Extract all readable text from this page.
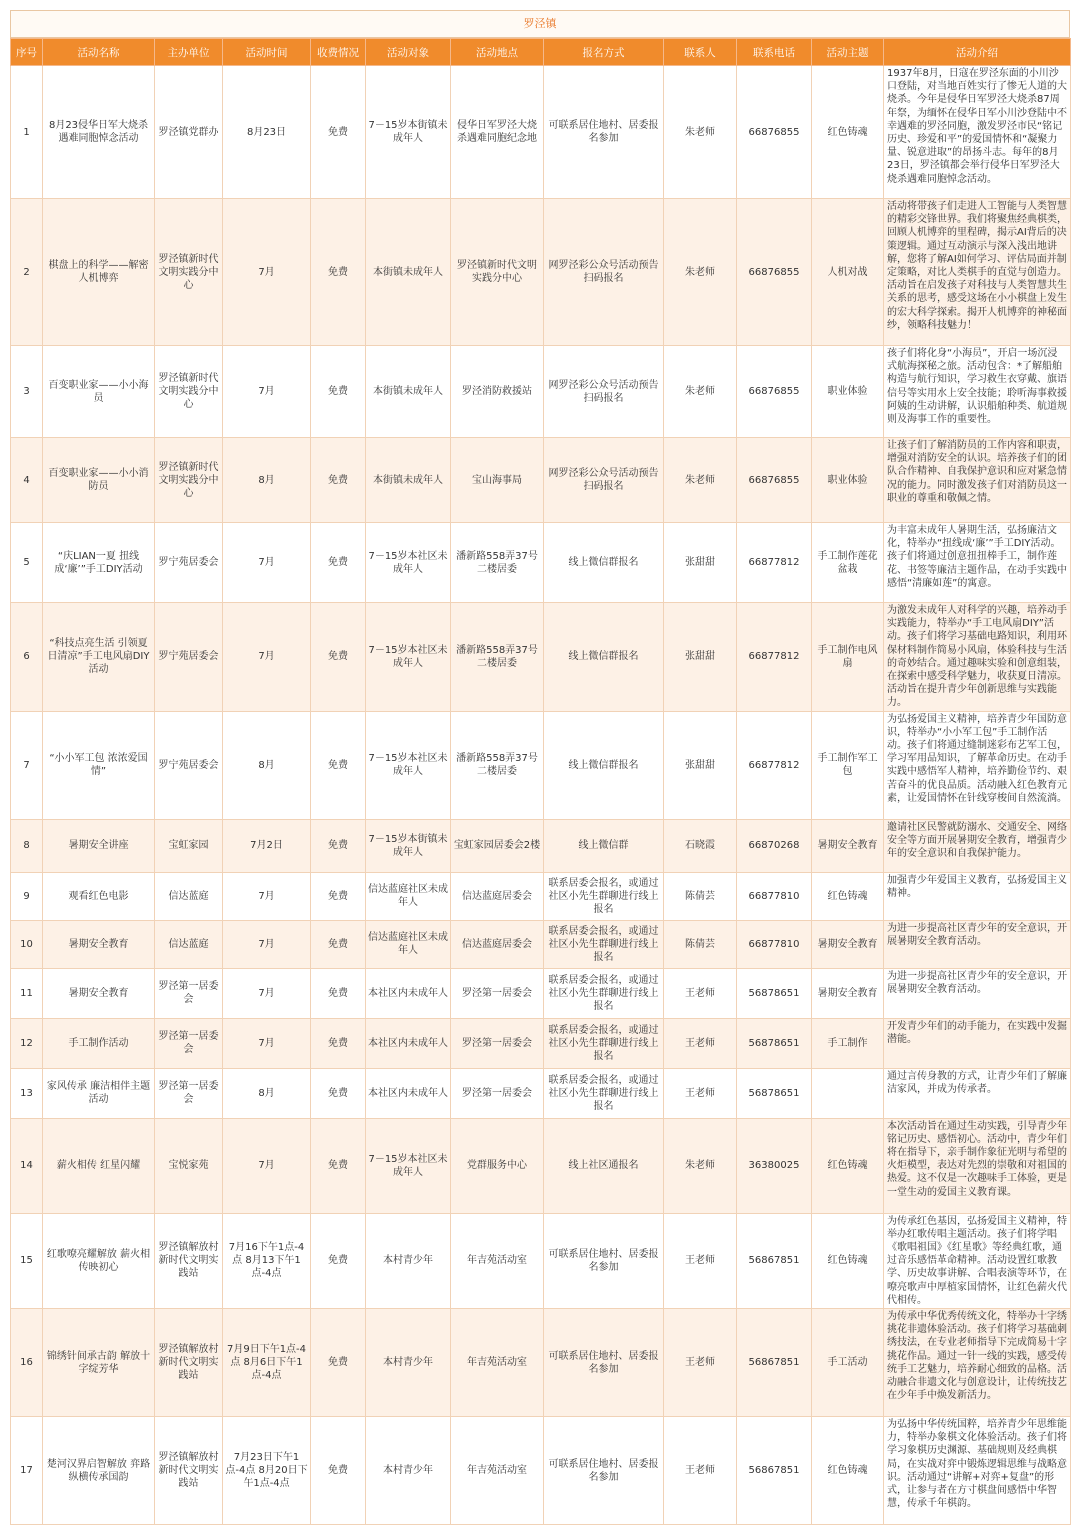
罗泾镇
序号	活动名称	主办单位	活动时间	收费情况	活动对象	活动地点	报名方式	联系人	联系电话	活动主题	活动介绍
1	8月23侵华日军大烧杀遇难同胞悼念活动	罗泾镇党群办	8月23日	免费	7－15岁本街镇未成年人	侵华日军罗泾大烧杀遇难同胞纪念地	可联系居住地村、居委报名参加	朱老师	66876855	红色铸魂	1937年8月，日寇在罗泾东面的小川沙口登陆，对当地百姓实行了惨无人道的大烧杀。今年是侵华日军罗泾大烧杀87周年祭，为缅怀在侵华日军小川沙登陆中不幸遇难的罗泾同胞，激发罗泾市民“铭记历史、珍爱和平”的爱国情怀和“凝聚力量、锐意进取”的昂扬斗志。每年的8月23日，罗泾镇都会举行侵华日军罗泾大烧杀遇难同胞悼念活动。
2	棋盘上的科学——解密人机博弈	罗泾镇新时代文明实践分中心	7月	免费	本街镇未成年人	罗泾镇新时代文明实践分中心	网罗泾彩公众号活动预告扫码报名	朱老师	66876855	人机对战	活动将带孩子们走进人工智能与人类智慧的精彩交锋世界。我们将聚焦经典棋类，回顾人机博弈的里程碑，揭示AI背后的决策逻辑。通过互动演示与深入浅出地讲解，您将了解AI如何学习、评估局面并制定策略，对比人类棋手的直觉与创造力。活动旨在启发孩子对科技与人类智慧共生关系的思考，感受这场在小小棋盘上发生的宏大科学探索。揭开人机博弈的神秘面纱，领略科技魅力！
3	百变职业家——小小海员	罗泾镇新时代文明实践分中心	7月	免费	本街镇未成年人	罗泾消防救援站	网罗泾彩公众号活动预告扫码报名	朱老师	66876855	职业体验	孩子们将化身“小海员”，开启一场沉浸式航海探秘之旅。活动包含：*了解船舶构造与航行知识，学习救生衣穿戴、旗语信号等实用水上安全技能；聆听海事救援阿姨的生动讲解，认识船舶种类、航道规则及海事工作的重要性。
4	百变职业家——小小消防员	罗泾镇新时代文明实践分中心	8月	免费	本街镇未成年人	宝山海事局	网罗泾彩公众号活动预告扫码报名	朱老师	66876855	职业体验	让孩子们了解消防员的工作内容和职责，增强对消防安全的认识。培养孩子们的团队合作精神、自我保护意识和应对紧急情况的能力。同时激发孩子们对消防员这一职业的尊重和敬佩之情。
5	“庆LIAN一夏 扭线成‘廉’”手工DIY活动	罗宁苑居委会	7月	免费	7－15岁本社区未成年人	潘新路558弄37号二楼居委	线上微信群报名	张甜甜	66877812	手工制作莲花盆栽	为丰富未成年人暑期生活，弘扬廉洁文化，特举办“扭线成‘廉’”手工DIY活动。孩子们将通过创意扭扭棒手工，制作莲花、书签等廉洁主题作品，在动手实践中感悟“清廉如莲”的寓意。
6	“科技点亮生活 引领夏日清凉”手工电风扇DIY活动	罗宁苑居委会	7月	免费	7－15岁本社区未成年人	潘新路558弄37号二楼居委	线上微信群报名	张甜甜	66877812	手工制作电风扇	为激发未成年人对科学的兴趣，培养动手实践能力，特举办“手工电风扇DIY”活动。孩子们将学习基础电路知识，利用环保材料制作简易小风扇，体验科技与生活的奇妙结合。通过趣味实验和创意组装，在探索中感受科学魅力，收获夏日清凉。活动旨在提升青少年创新思维与实践能力。
7	“小小军工包 浓浓爱国情”	罗宁苑居委会	8月	免费	7－15岁本社区未成年人	潘新路558弄37号二楼居委	线上微信群报名	张甜甜	66877812	手工制作军工包	为弘扬爱国主义精神，培养青少年国防意识，特举办“小小军工包”手工制作活动。孩子们将通过缝制迷彩布艺军工包，学习军用品知识，了解革命历史。在动手实践中感悟军人精神，培养勤俭节约、艰苦奋斗的优良品质。活动融入红色教育元素，让爱国情怀在针线穿梭间自然流淌。
8	暑期安全讲座	宝虹家园	7月2日	免费	7－15岁本街镇未成年人	宝虹家园居委会2楼	线上微信群	石晓霞	66870268	暑期安全教育	邀请社区民警就防溺水、交通安全、网络安全等方面开展暑期安全教育，增强青少年的安全意识和自我保护能力。
9	观看红色电影	信达蓝庭	7月	免费	信达蓝庭社区未成年人	信达蓝庭居委会	联系居委会报名，或通过社区小先生群聊进行线上报名	陈倩芸	66877810	红色铸魂	加强青少年爱国主义教育，弘扬爱国主义精神。
10	暑期安全教育	信达蓝庭	7月	免费	信达蓝庭社区未成年人	信达蓝庭居委会	联系居委会报名，或通过社区小先生群聊进行线上报名	陈倩芸	66877810	暑期安全教育	为进一步提高社区青少年的安全意识，开展暑期安全教育活动。
11	暑期安全教育	罗泾第一居委会	7月	免费	本社区内未成年人	罗泾第一居委会	联系居委会报名，或通过社区小先生群聊进行线上报名	王老师	56878651	暑期安全教育	为进一步提高社区青少年的安全意识，开展暑期安全教育活动。
12	手工制作活动	罗泾第一居委会	7月	免费	本社区内未成年人	罗泾第一居委会	联系居委会报名，或通过社区小先生群聊进行线上报名	王老师	56878651	手工制作	开发青少年们的动手能力，在实践中发掘潜能。
13	家风传承 廉洁相伴主题活动	罗泾第一居委会	8月	免费	本社区内未成年人	罗泾第一居委会	联系居委会报名，或通过社区小先生群聊进行线上报名	王老师	56878651		通过言传身教的方式，让青少年们了解廉洁家风，并成为传承者。
14	薪火相传 红星闪耀	宝悦家苑	7月	免费	7－15岁本社区未成年人	党群服务中心	线上社区通报名	朱老师	36380025	红色铸魂	本次活动旨在通过生动实践，引导青少年铭记历史、感悟初心。活动中，青少年们将在指导下，亲手制作象征光明与希望的火炬模型，表达对先烈的崇敬和对祖国的热爱。这不仅是一次趣味手工体验，更是一堂生动的爱国主义教育课。
15	红歌嘹亮耀解放 薪火相传映初心	罗泾镇解放村新时代文明实践站	7月16下午1点-4点 8月13下午1点-4点	免费	本村青少年	年吉苑活动室	可联系居住地村、居委报名参加	王老师	56867851	红色铸魂	为传承红色基因，弘扬爱国主义精神，特举办红歌传唱主题活动。孩子们将学唱《歌唱祖国》《红星歌》等经典红歌，通过音乐感悟革命精神。活动设置红歌教学、历史故事讲解、合唱表演等环节，在嘹亮歌声中厚植家国情怀，让红色薪火代代相传。
16	锦绣针间承古韵 解放十字绽芳华	罗泾镇解放村新时代文明实践站	7月9日下午1点-4点 8月6日下午1点-4点	免费	本村青少年	年吉苑活动室	可联系居住地村、居委报名参加	王老师	56867851	手工活动	为传承中华优秀传统文化，特举办十字绣挑花非遗体验活动。孩子们将学习基础刺绣技法，在专业老师指导下完成简易十字挑花作品。通过一针一线的实践，感受传统手工艺魅力，培养耐心细致的品格。活动融合非遗文化与创意设计，让传统技艺在少年手中焕发新活力。
17	楚河汉界启智解放 弈路纵横传承国韵	罗泾镇解放村新时代文明实践站	7月23日下午1点-4点 8月20日下午1点-4点	免费	本村青少年	年吉苑活动室	可联系居住地村、居委报名参加	王老师	56867851	红色铸魂	为弘扬中华传统国粹，培养青少年思维能力，特举办象棋文化体验活动。孩子们将学习象棋历史渊源、基础规则及经典棋局，在实战对弈中锻炼逻辑思维与战略意识。活动通过“讲解+对弈+复盘”的形式，让参与者在方寸棋盘间感悟中华智慧，传承千年棋韵。
